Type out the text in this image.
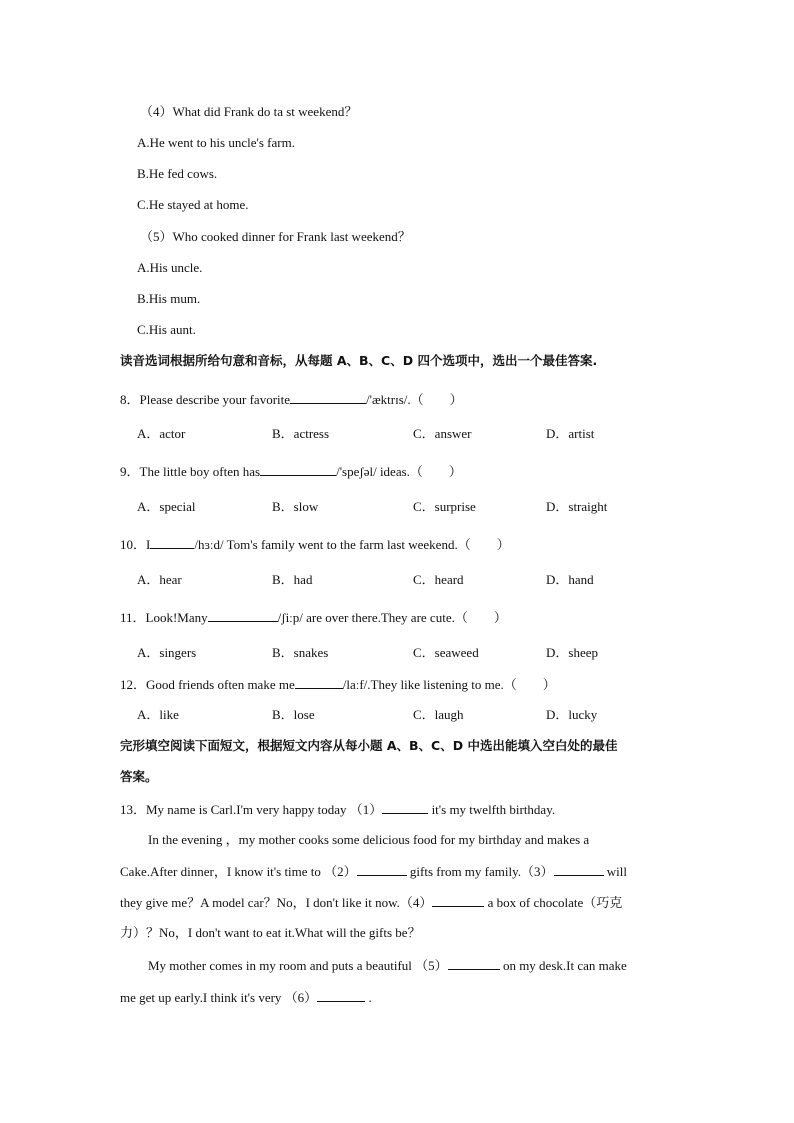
（4）What did Frank do ta st weekend？
A.He went to his uncle's farm.
B.He fed cows.
C.He stayed at home.
（5）Who cooked dinner for Frank last weekend？
A.His uncle.
B.His mum.
C.His aunt.
读音选词根据所给句意和音标，从每题 A、B、C、D 四个选项中，选出一个最佳答案.
8．Please describe your favorite	/'æktrɪs/.（　　）
A．actor	B．actress	C．answer	D．artist
9．The little boy often has	/'speʃəl/ ideas.（　　）
A．special	B．slow	C．surprise	D．straight
10．I	/hɜːd/ Tom's family went to the farm last weekend.（　　）
A．hear	B．had	C．heard	D．hand
11．Look!Many	/ʃiːp/ are over there.They are cute.（　　）
A．singers	B．snakes	C．seaweed	D．sheep
12．Good friends often make me	/laːf/.They like listening to me.（　　）
A．like	B．lose	C．laugh	D．lucky
完形填空阅读下面短文，根据短文内容从每小题 A、B、C、D 中选出能填入空白处的最佳
答案。
13．My name is Carl.I'm very happy today （1）	it's my twelfth birthday.
In the evening ，my mother cooks some delicious food for my birthday and makes a
Cake.After dinner，I know it's time to （2）	gifts from my family.（3）	will
they give me？A model car？No，I don't like it now.（4）	a box of chocolate（巧克
力）？No，I don't want to eat it.What will the gifts be？
My mother comes in my room and puts a beautiful （5）	on my desk.It can make
me get up early.I think it's very （6）	.
